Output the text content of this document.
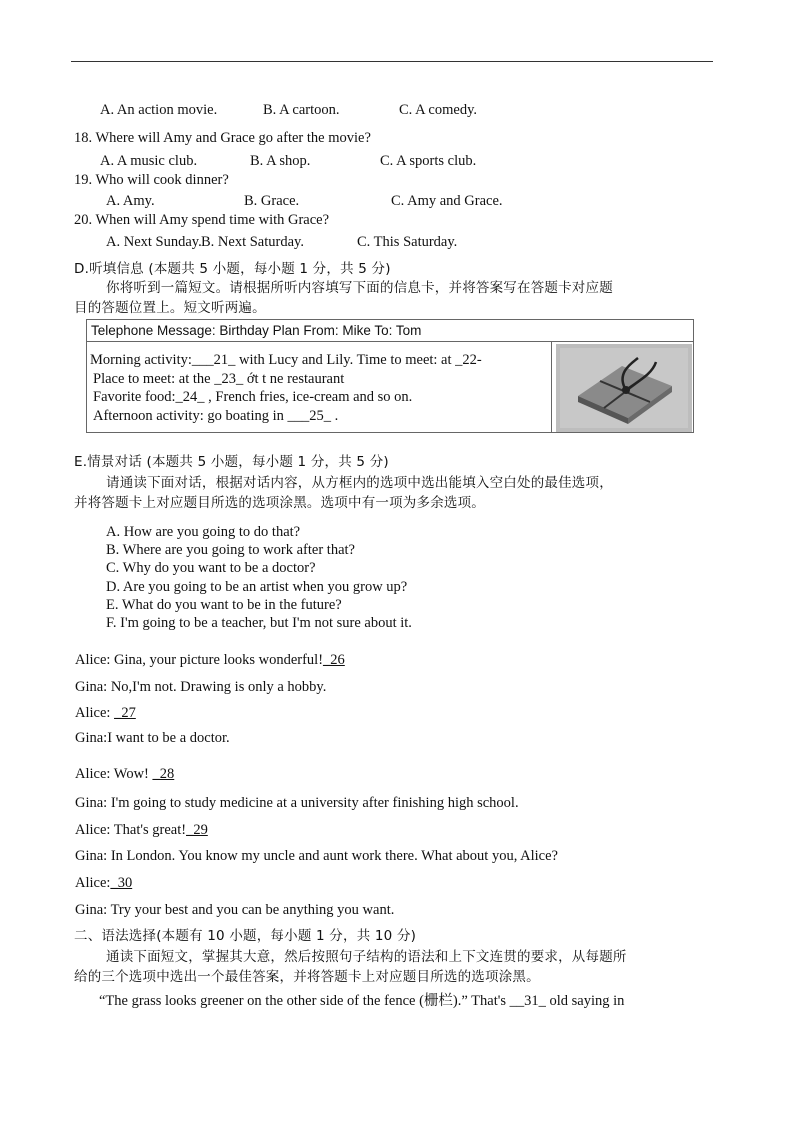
A. An action movie.	B. A cartoon.	C. A comedy.
18. Where will Amy and Grace go after the movie?
A. A music club.	B. A shop.	C. A sports club.
19. Who will cook dinner?
A. Amy.	B. Grace.	C. Amy and Grace.
20. When will Amy spend time with Grace?
A. Next Sunday. B. Next Saturday.	C. This Saturday.
D.听填信息 (本题共 5 小题，每小题 1 分，共 5 分)
你将听到一篇短文。请根据所听内容填写下面的信息卡，并将答案写在答题卡对应题
目的答题位置上。短文听两遍。
Telephone Message: Birthday Plan From: Mike To: Tom
Morning activity:___21_ with Lucy and Lily. Time to meet: at _22-
Place to meet: at the _23_ ớt t ne restaurant
Favorite food:_24_ , French fries, ice-cream and so on.
Afternoon activity: go boating in ___25_ .
E.情景对话 (本题共 5 小题，每小题 1 分，共 5 分)
请通读下面对话，根据对话内容，从方框内的选项中选出能填入空白处的最佳选项，
并将答题卡上对应题目所选的选项涂黑。选项中有一项为多余选项。
A. How are you going to do that?
B. Where are you going to work after that?
C. Why do you want to be a doctor?
D. Are you going to be an artist when you grow up?
E. What do you want to be in the future?
F. I'm going to be a teacher, but I'm not sure about it.
Alice: Gina, your picture looks wonderful!_26
Gina: No,I'm not. Drawing is only a hobby.
Alice: _27
Gina:I want to be a doctor.
Alice: Wow! _28
Gina: I'm going to study medicine at a university after finishing high school.
Alice: That's great!_29
Gina: In London. You know my uncle and aunt work there. What about you, Alice?
Alice:_30
Gina: Try your best and you can be anything you want.
二、语法选择(本题有 10 小题，每小题 1 分，共 10 分)
通读下面短文，掌握其大意，然后按照句子结构的语法和上下文连贯的要求，从每题所
给的三个选项中选出一个最佳答案，并将答题卡上对应题目所选的选项涂黑。
“The grass looks greener on the other side of the fence (栅栏).” That's __31_ old saying in
